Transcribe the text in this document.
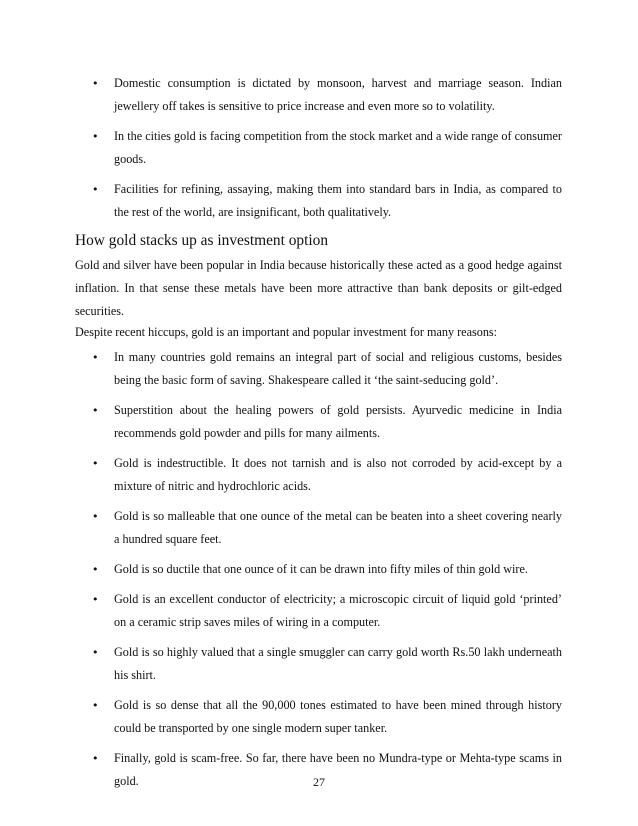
• Domestic consumption is dictated by monsoon, harvest and marriage season. Indian jewellery off takes is sensitive to price increase and even more so to volatility.
• In the cities gold is facing competition from the stock market and a wide range of consumer goods.
• Facilities for refining, assaying, making them into standard bars in India, as compared to the rest of the world, are insignificant, both qualitatively.
How gold stacks up as investment option

Gold and silver have been popular in India because historically these acted as a good hedge against inflation. In that sense these metals have been more attractive than bank deposits or gilt-edged securities.

Despite recent hiccups, gold is an important and popular investment for many reasons:

• In many countries gold remains an integral part of social and religious customs, besides being the basic form of saving. Shakespeare called it ‘the saint-seducing gold’.
• Superstition about the healing powers of gold persists. Ayurvedic medicine in India recommends gold powder and pills for many ailments.
• Gold is indestructible. It does not tarnish and is also not corroded by acid-except by a mixture of nitric and hydrochloric acids.
• Gold is so malleable that one ounce of the metal can be beaten into a sheet covering nearly a hundred square feet.
• Gold is so ductile that one ounce of it can be drawn into fifty miles of thin gold wire.
• Gold is an excellent conductor of electricity; a microscopic circuit of liquid gold ‘printed’ on a ceramic strip saves miles of wiring in a computer.
• Gold is so highly valued that a single smuggler can carry gold worth Rs.50 lakh underneath his shirt.
• Gold is so dense that all the 90,000 tones estimated to have been mined through history could be transported by one single modern super tanker.
• Finally, gold is scam-free. So far, there have been no Mundra-type or Mehta-type scams in gold.	27
